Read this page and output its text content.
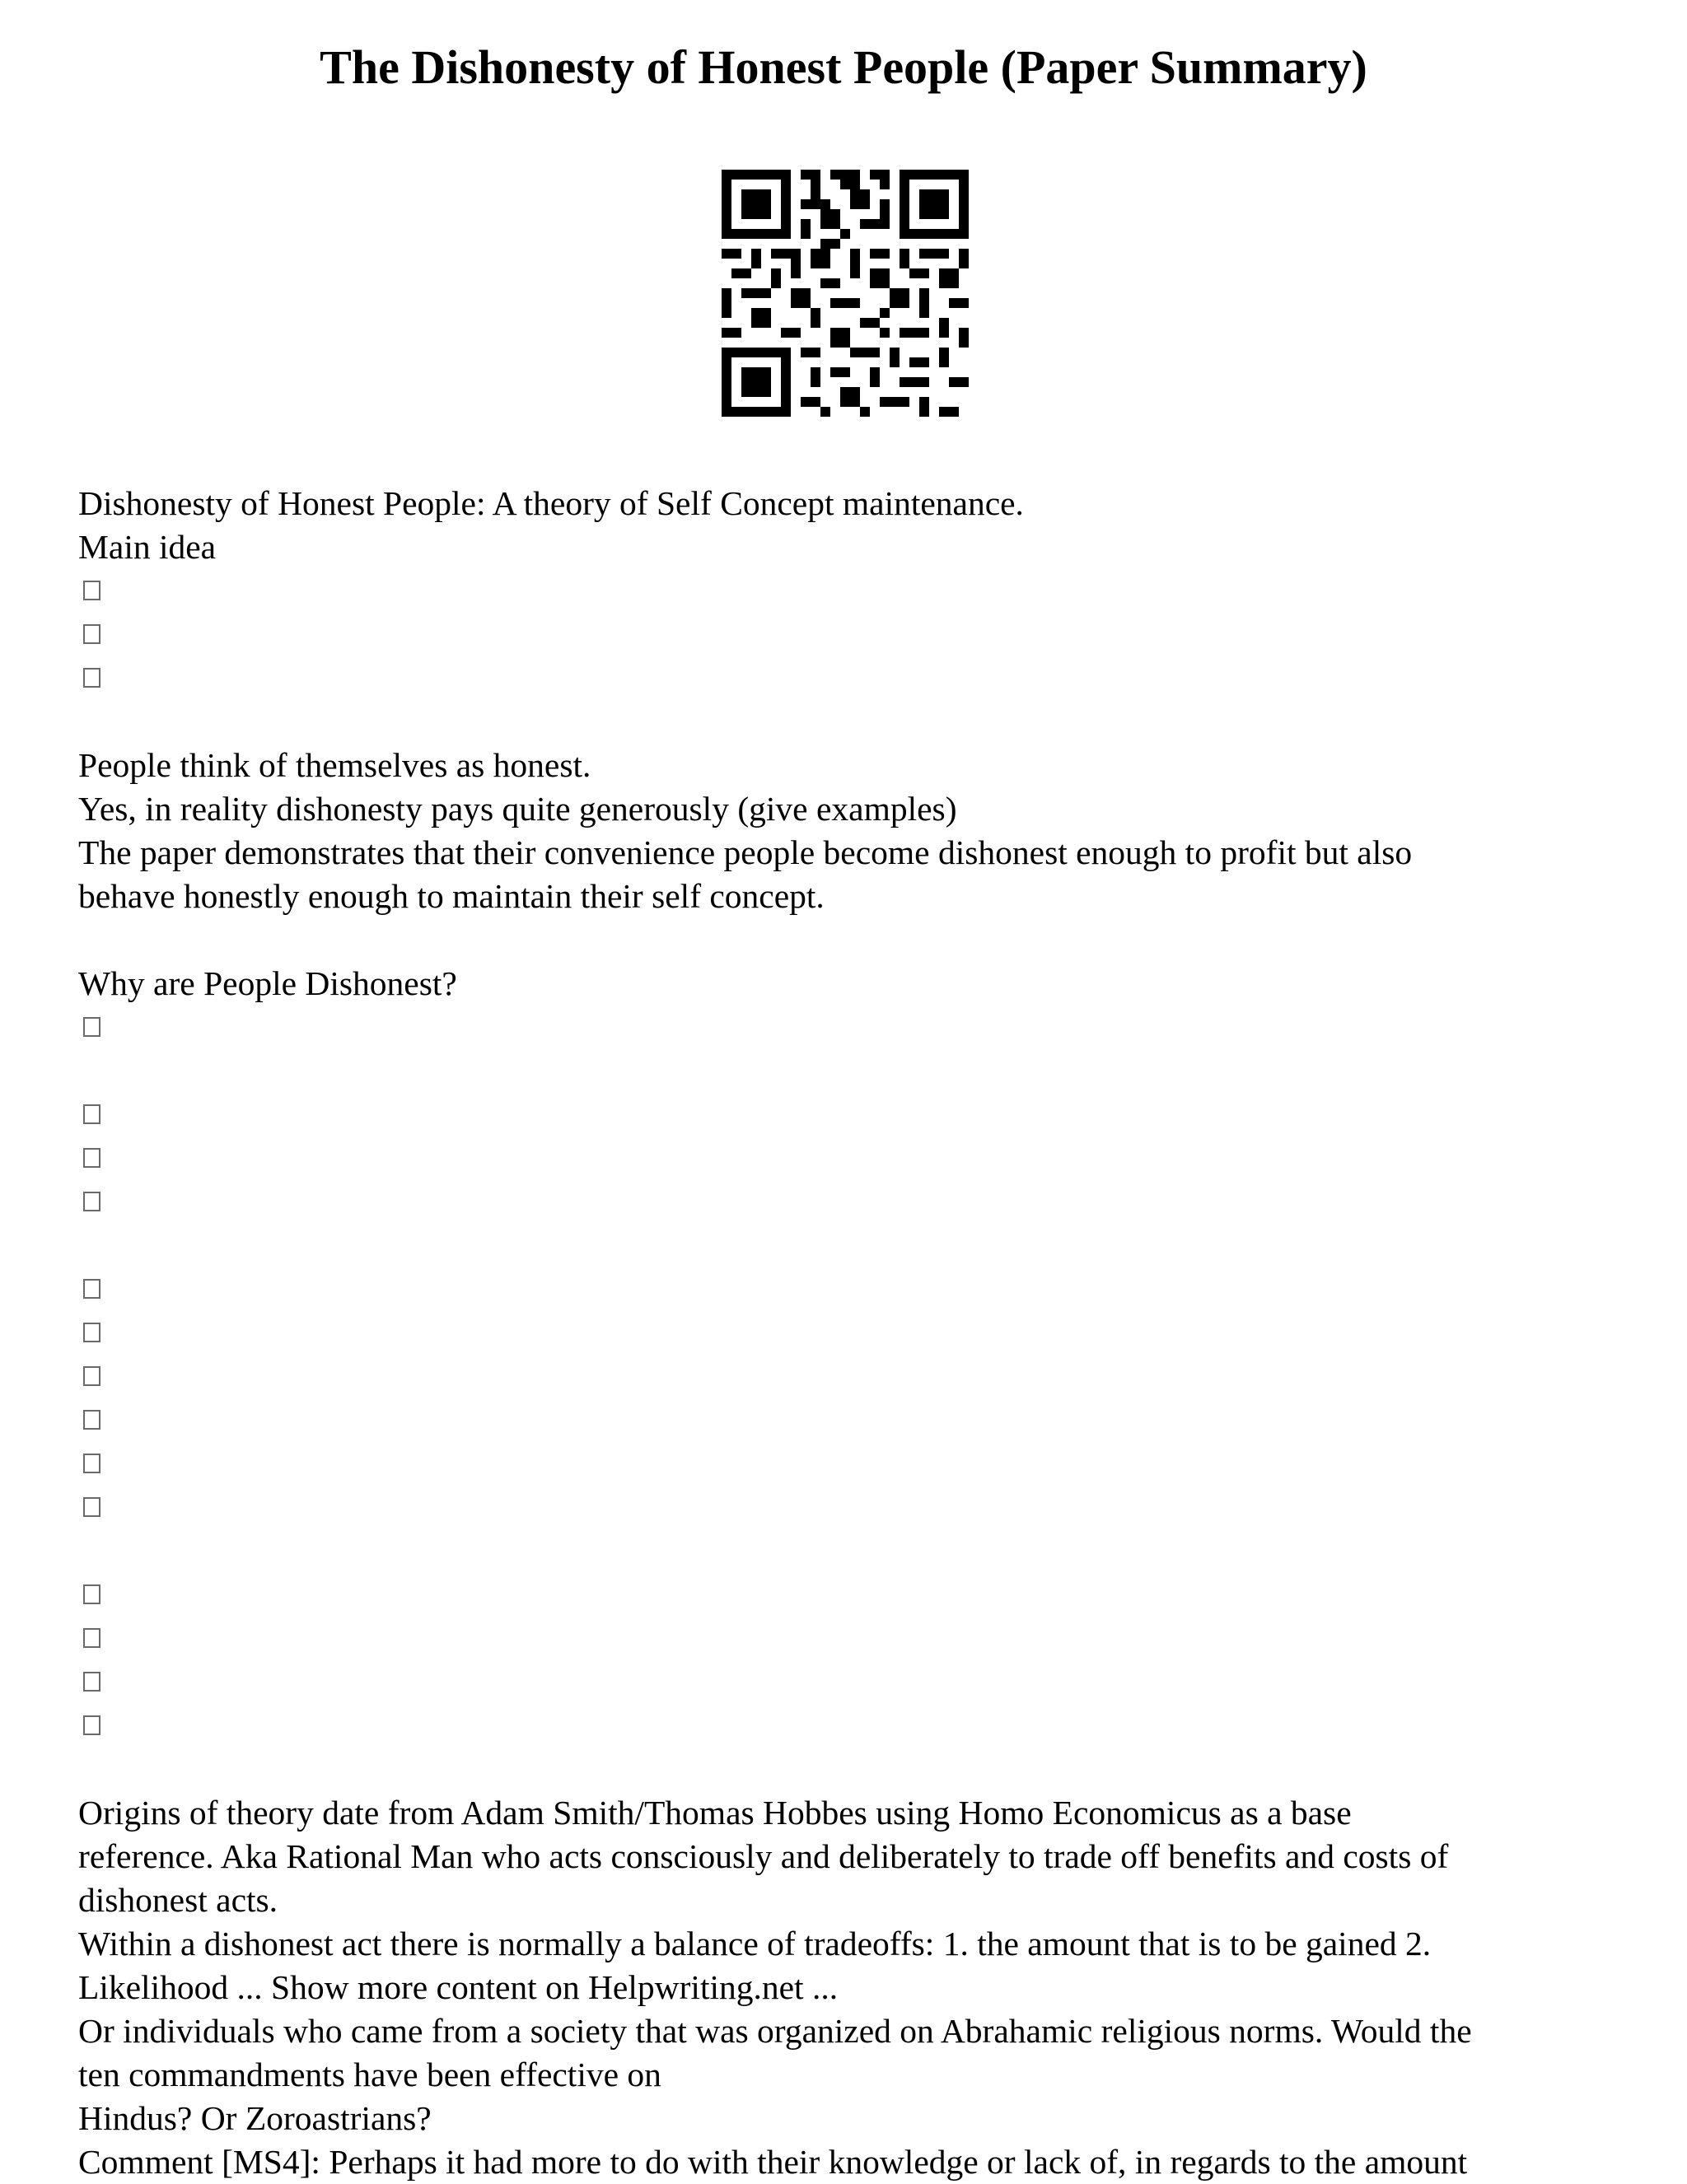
The Dishonesty of Honest People (Paper Summary)
Dishonesty of Honest People: A theory of Self Concept maintenance.
Main idea
People think of themselves as honest.
Yes, in reality dishonesty pays quite generously (give examples)
The paper demonstrates that their convenience people become dishonest enough to profit but also
behave honestly enough to maintain their self concept.
Why are People Dishonest?
Origins of theory date from Adam Smith/Thomas Hobbes using Homo Economicus as a base
reference. Aka Rational Man who acts consciously and deliberately to trade off benefits and costs of
dishonest acts.
Within a dishonest act there is normally a balance of tradeoffs: 1. the amount that is to be gained 2.
Likelihood ... Show more content on Helpwriting.net ...
Or individuals who came from a society that was organized on Abrahamic religious norms. Would the
ten commandments have been effective on
Hindus? Or Zoroastrians?
Comment [MS4]: Perhaps it had more to do with their knowledge or lack of, in regards to the amount
